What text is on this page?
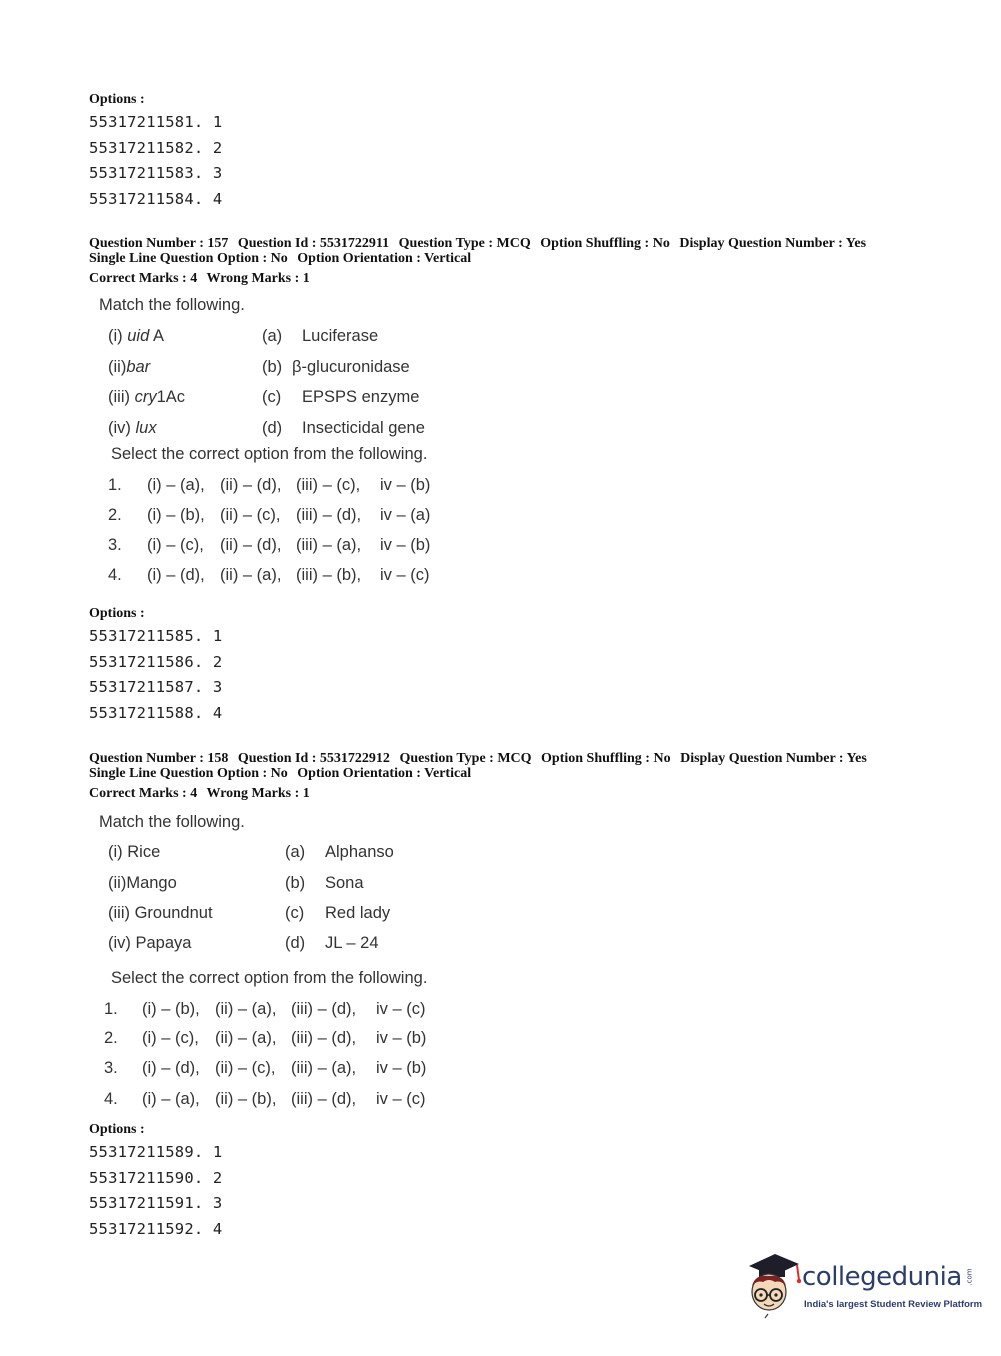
Options :
55317211581. 1
55317211582. 2
55317211583. 3
55317211584. 4
Question Number : 157 Question Id : 5531722911 Question Type : MCQ Option Shuffling : No Display Question Number : Yes
Single Line Question Option : No Option Orientation : Vertical
Correct Marks : 4 Wrong Marks : 1
Match the following.
(i) uid A
(ii)bar
(iii) cry1Ac
(iv) lux
(a)
(b)
(c)
(d)
Luciferase
β-glucuronidase
EPSPS enzyme
Insecticidal gene
Select the correct option from the following.
1. (i) – (a), (ii) – (d), (iii) – (c), iv – (b)
2. (i) – (b), (ii) – (c), (iii) – (d), iv – (a)
3. (i) – (c), (ii) – (d), (iii) – (a), iv – (b)
4. (i) – (d), (ii) – (a), (iii) – (b), iv – (c)
Options :
55317211585. 1
55317211586. 2
55317211587. 3
55317211588. 4
Question Number : 158 Question Id : 5531722912 Question Type : MCQ Option Shuffling : No Display Question Number : Yes
Single Line Question Option : No Option Orientation : Vertical
Correct Marks : 4 Wrong Marks : 1
Match the following.
(i) Rice
(ii)Mango
(iii) Groundnut
(iv) Papaya
(a)
(b)
(c)
(d)
Alphanso
Sona
Red lady
JL – 24
Select the correct option from the following.
1. (i) – (b), (ii) – (a), (iii) – (d), iv – (c)
2. (i) – (c), (ii) – (a), (iii) – (d), iv – (b)
3. (i) – (d), (ii) – (c), (iii) – (a), iv – (b)
4. (i) – (a), (ii) – (b), (iii) – (d), iv – (c)
Options :
55317211589. 1
55317211590. 2
55317211591. 3
55317211592. 4
collegedunia .com
India's largest Student Review Platform
